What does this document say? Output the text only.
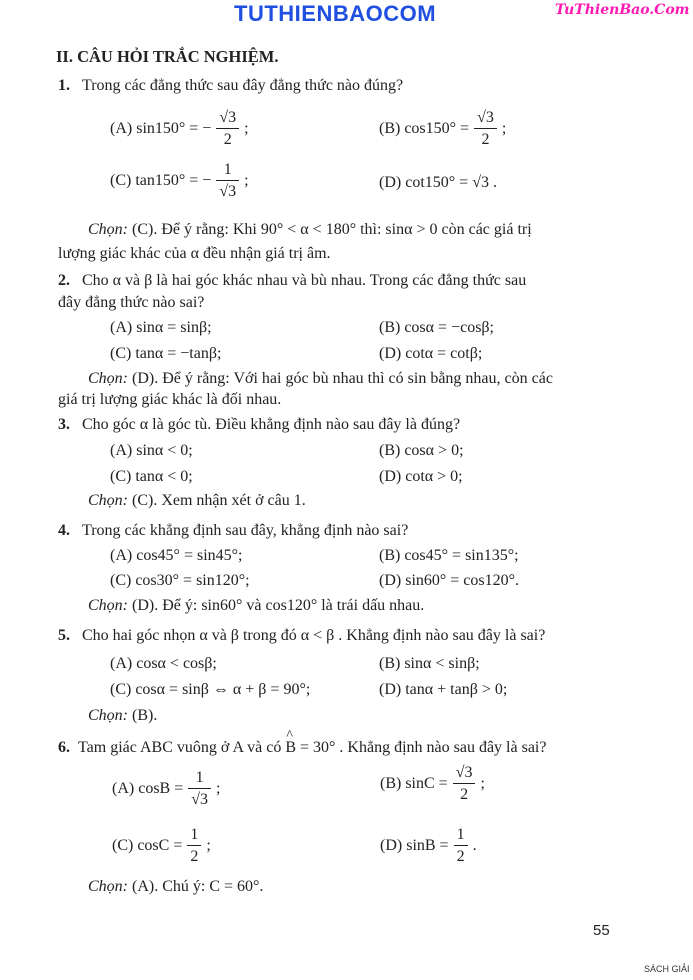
TUTHIENBAOCOM	TuThienBao.Com
II. CÂU HỎI TRẮC NGHIỆM.
1. Trong các đẳng thức sau đây đẳng thức nào đúng?
(A) sin150° = − $\frac{√3}{2}$ ;	(B) $\cos 150^\circ = \frac{√3}{2}$ ;
(C) tan150° = − $\frac{1}{√3}$ ;	(D) cot150° = √3 .
Chọn: (C). Để ý rằng: Khi 90° < α < 180° thì: sinα > 0 còn các giá trị
lượng giác khác của α đều nhận giá trị âm.
2. Cho α và β là hai góc khác nhau và bù nhau. Trong các đẳng thức sau
đây đẳng thức nào sai?
(A) sinα = sinβ;	(B) cosα = −cosβ;
(C) tanα = −tanβ;	(D) cotα = cotβ;
Chọn: (D). Để ý rằng: Với hai góc bù nhau thì có sin bằng nhau, còn các
giá trị lượng giác khác là đối nhau.
3. Cho góc α là góc tù. Điều khẳng định nào sau đây là đúng?
(A) sinα < 0;	(B) cosα > 0;
(C) tanα < 0;	(D) cotα > 0;
Chọn: (C). Xem nhận xét ở câu 1.
4. Trong các khẳng định sau đây, khẳng định nào sai?
(A) cos45° = sin45°;	(B) cos45° = sin135°;
(C) cos30° = sin120°;	(D) sin60° = cos120°.
Chọn: (D). Để ý: sin60° và cos120° là trái dấu nhau.
5. Cho hai góc nhọn α và β trong đó α < β . Khẳng định nào sau đây là sai?
(A) cosα < cosβ;	(B) sinα < sinβ;
(C) cosα = sinβ ⇔ α + β = 90°;	(D) tanα + tanβ > 0;
Chọn: (B).
6. Tam giác ABC vuông ở A và có ^ B = 30° . Khẳng định nào sau đây là sai?
(A) $\cos B = \frac{1}{√3}$ ;	(B) $\sin C = \frac{√3}{2}$ ;
(C) $\cos C = \frac{1}{2}$ ;	(D) $\sin B = \frac{1}{2}$ .
Chọn: (A). Chú ý: C = 60°.
55
SÁCH GIẢI
